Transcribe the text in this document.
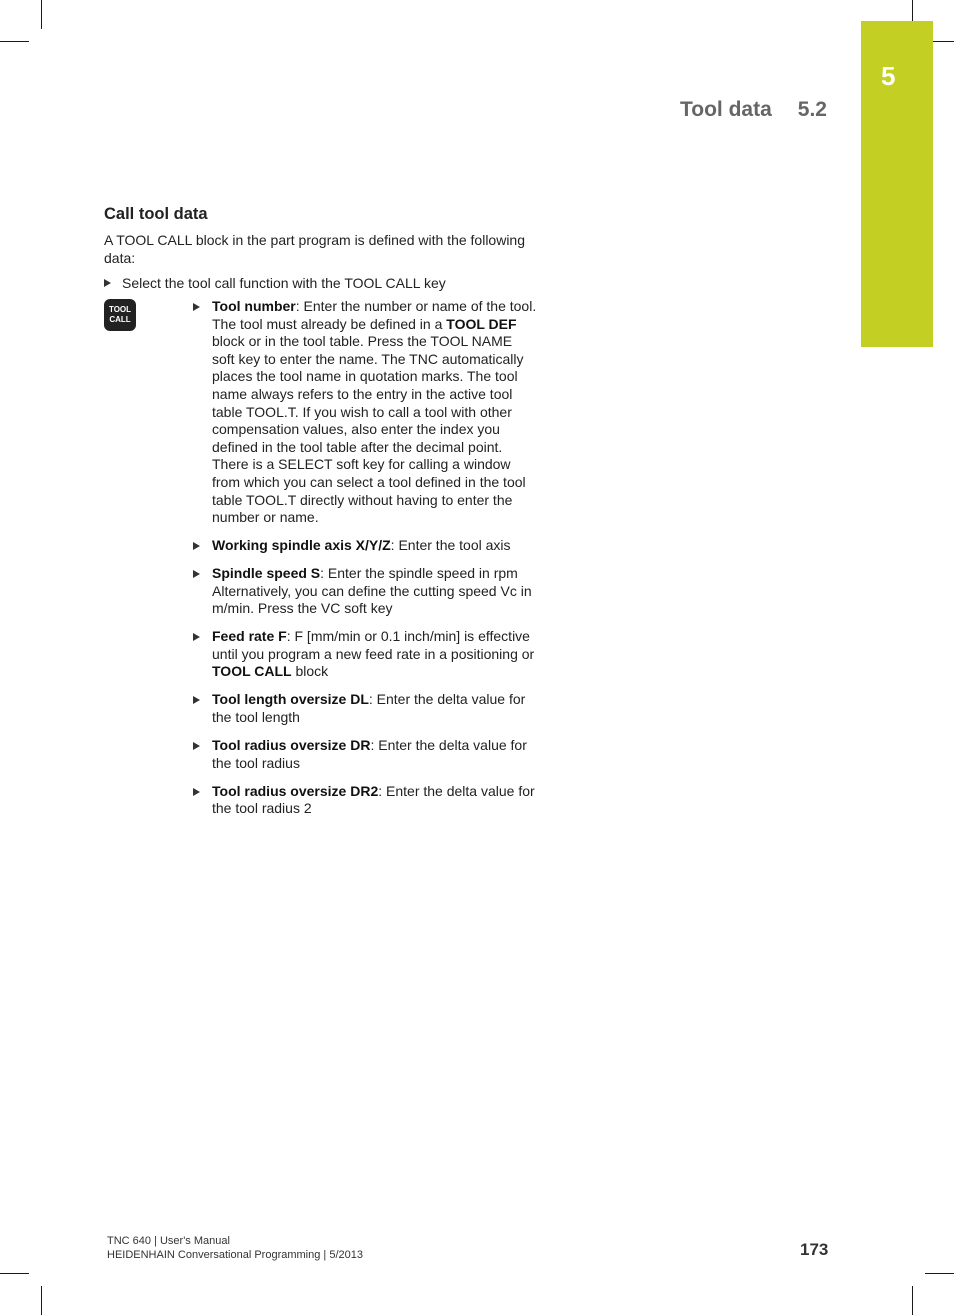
5
Tool data 5.2
Call tool data
A TOOL CALL block in the part program is defined with the following data:
Select the tool call function with the TOOL CALL key
TOOL
CALL
Tool number: Enter the number or name of the tool. The tool must already be defined in a TOOL DEF block or in the tool table. Press the TOOL NAME soft key to enter the name. The TNC automatically places the tool name in quotation marks. The tool name always refers to the entry in the active tool table TOOL.T. If you wish to call a tool with other compensation values, also enter the index you defined in the tool table after the decimal point. There is a SELECT soft key for calling a window from which you can select a tool defined in the tool table TOOL.T directly without having to enter the number or name.
Working spindle axis X/Y/Z: Enter the tool axis
Spindle speed S: Enter the spindle speed in rpm Alternatively, you can define the cutting speed Vc in m/min. Press the VC soft key
Feed rate F: F [mm/min or 0.1 inch/min] is effective until you program a new feed rate in a positioning or TOOL CALL block
Tool length oversize DL: Enter the delta value for the tool length
Tool radius oversize DR: Enter the delta value for the tool radius
Tool radius oversize DR2: Enter the delta value for the tool radius 2
TNC 640 | User's Manual
HEIDENHAIN Conversational Programming | 5/2013	173
